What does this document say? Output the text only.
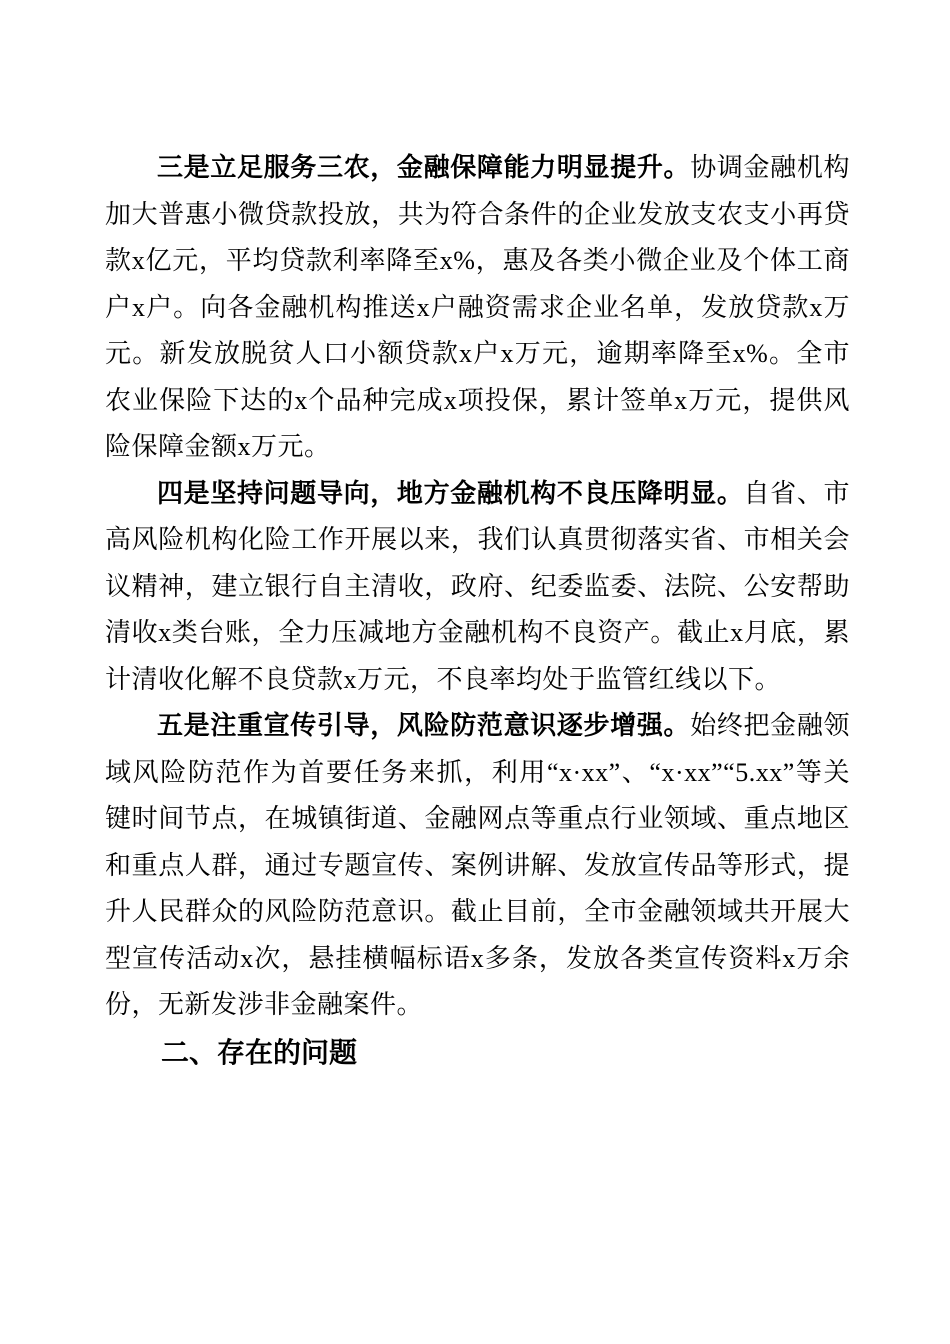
三是立足服务三农，金融保障能力明显提升。协调金融机构加大普惠小微贷款投放，共为符合条件的企业发放支农支小再贷款x亿元，平均贷款利率降至x%，惠及各类小微企业及个体工商户x户。向各金融机构推送x户融资需求企业名单，发放贷款x万元。新发放脱贫人口小额贷款x户x万元，逾期率降至x%。全市农业保险下达的x个品种完成x项投保，累计签单x万元，提供风险保障金额x万元。

四是坚持问题导向，地方金融机构不良压降明显。自省、市高风险机构化险工作开展以来，我们认真贯彻落实省、市相关会议精神，建立银行自主清收，政府、纪委监委、法院、公安帮助清收x类台账，全力压减地方金融机构不良资产。截止x月底，累计清收化解不良贷款x万元，不良率均处于监管红线以下。

五是注重宣传引导，风险防范意识逐步增强。始终把金融领域风险防范作为首要任务来抓，利用“x·xx”、“x·xx”“5.xx”等关键时间节点，在城镇街道、金融网点等重点行业领域、重点地区和重点人群，通过专题宣传、案例讲解、发放宣传品等形式，提升人民群众的风险防范意识。截止目前，全市金融领域共开展大型宣传活动x次，悬挂横幅标语x多条，发放各类宣传资料x万余份，无新发涉非金融案件。

二、存在的问题
